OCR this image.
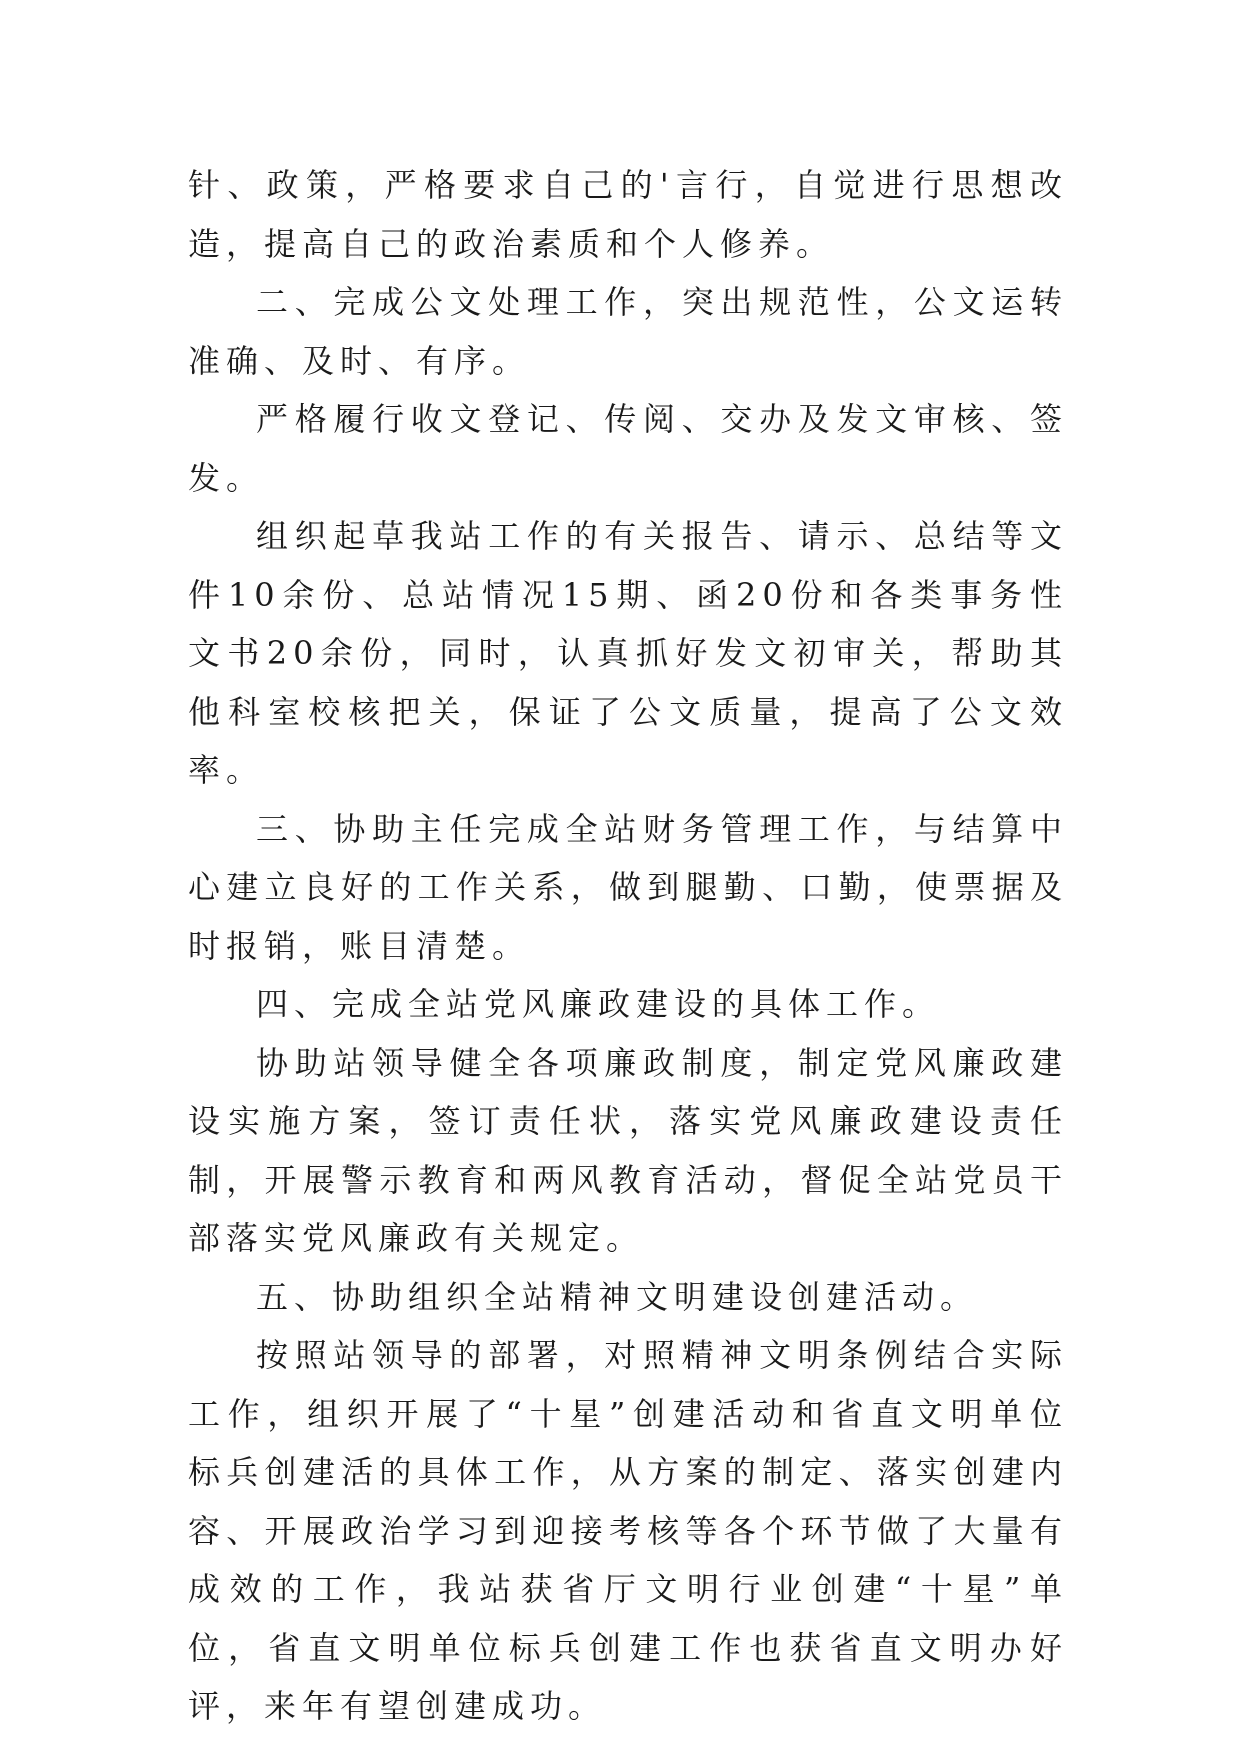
针、政策，严格要求自己的'言行，自觉进行思想改造，提高自己的政治素质和个人修养。

二、完成公文处理工作，突出规范性，公文运转准确、及时、有序。

严格履行收文登记、传阅、交办及发文审核、签发。

组织起草我站工作的有关报告、请示、总结等文件10余份、总站情况15期、函20份和各类事务性文书20余份，同时，认真抓好发文初审关，帮助其他科室校核把关，保证了公文质量，提高了公文效率。

三、协助主任完成全站财务管理工作，与结算中心建立良好的工作关系，做到腿勤、口勤，使票据及时报销，账目清楚。

四、完成全站党风廉政建设的具体工作。

协助站领导健全各项廉政制度，制定党风廉政建设实施方案，签订责任状，落实党风廉政建设责任制，开展警示教育和两风教育活动，督促全站党员干部落实党风廉政有关规定。

五、协助组织全站精神文明建设创建活动。

按照站领导的部署，对照精神文明条例结合实际工作，组织开展了“十星”创建活动和省直文明单位标兵创建活的具体工作，从方案的制定、落实创建内容、开展政治学习到迎接考核等各个环节做了大量有成效的工作，我站获省厅文明行业创建“十星”单位，省直文明单位标兵创建工作也获省直文明办好评，来年有望创建成功。
